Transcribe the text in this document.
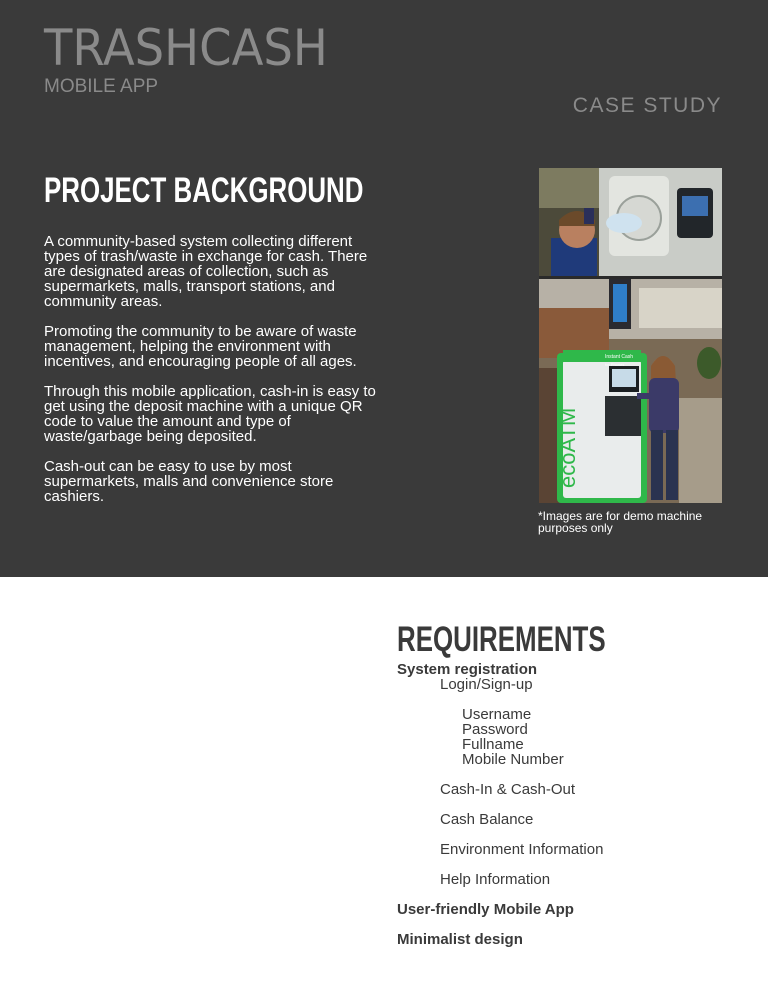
TRASHCASH
MOBILE APP
CASE STUDY
PROJECT BACKGROUND

A community-based system collecting different types of trash/waste in exchange for cash. There are designated areas of collection, such as supermarkets, malls, transport stations, and community areas.

Promoting the community to be aware of waste management, helping the environment with incentives, and encouraging people of all ages.

Through this mobile application, cash-in is easy to get using the deposit machine with a unique QR code to value the amount and type of waste/garbage being deposited.

Cash-out can be easy to use by most supermarkets, malls and convenience store cashiers.

ecoATM
Instant Cash
for Phones
*Images are for demo machine purposes only
REQUIREMENTS
System registration
Login/Sign-up
Username
Password
Fullname
Mobile Number
Cash-In & Cash-Out
Cash Balance
Environment Information
Help Information
User-friendly Mobile App
Minimalist design
